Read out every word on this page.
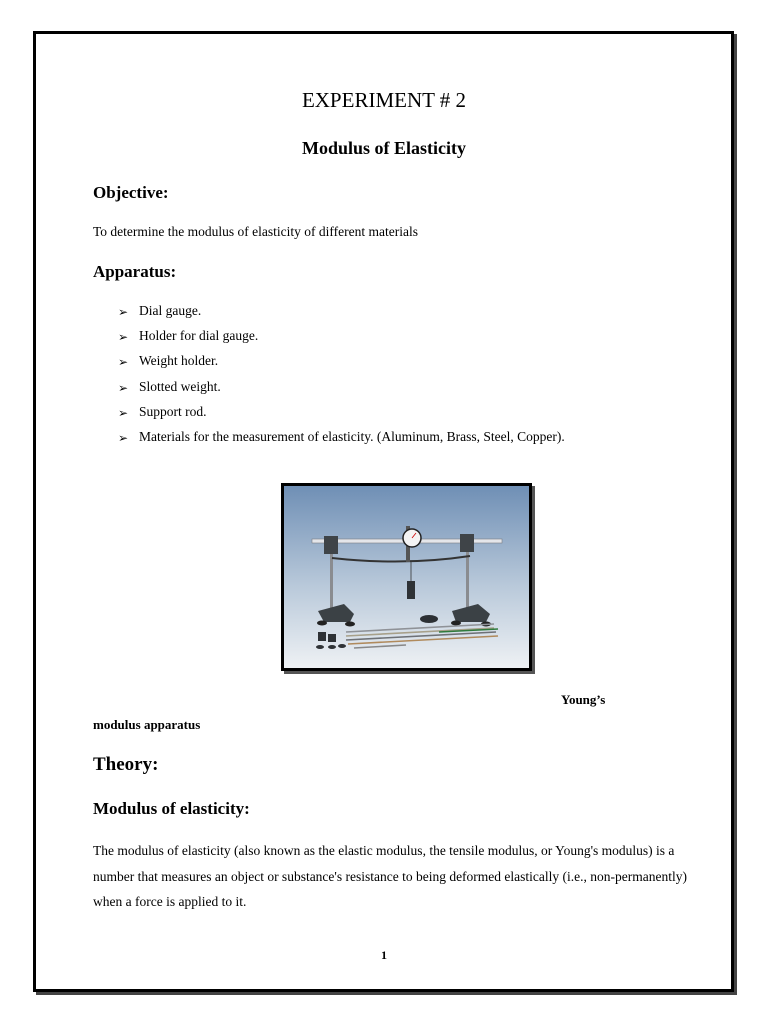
EXPERIMENT # 2
Modulus of Elasticity
Objective:
To determine the modulus of elasticity of different materials
Apparatus:
➢ Dial gauge.
➢ Holder for dial gauge.
➢ Weight holder.
➢ Slotted weight.
➢ Support rod.
➢ Materials for the measurement of elasticity. (Aluminum, Brass, Steel, Copper).
Young’s
modulus apparatus
Theory:
Modulus of elasticity:
The modulus of elasticity (also known as the elastic modulus, the tensile modulus, or Young's modulus) is a number that measures an object or substance's resistance to being deformed elastically (i.e., non-permanently) when a force is applied to it.
1
